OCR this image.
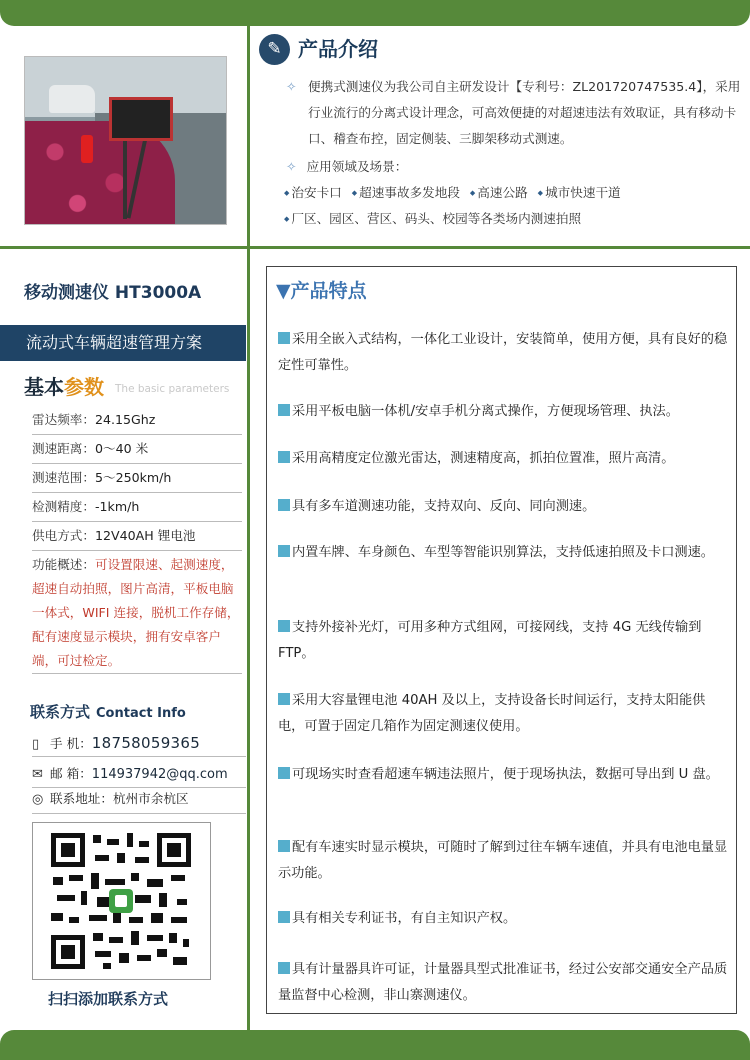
✎ 产品介绍
✧ 便携式测速仪为我公司自主研发设计【专利号：ZL201720747535.4】，采用行业流行的分离式设计理念，可高效便捷的对超速违法有效取证，具有移动卡口、稽查布控，固定侧装、三脚架移动式测速。
✧ 应用领域及场景：
◆ 治安卡口 ◆ 超速事故多发地段 ◆ 高速公路 ◆ 城市快速干道
◆ 厂区、园区、营区、码头、校园等各类场内测速拍照
移动测速仪 HT3000A
流动式车辆超速管理方案
基本参数 The basic parameters
雷达频率：24.15Ghz
测速距离：0～40 米
测速范围：5～250km/h
检测精度：-1km/h
供电方式：12V40AH 锂电池
功能概述：可设置限速、起测速度，超速自动拍照，图片高清，平板电脑一体式，WIFI 连接，脱机工作存储，配有速度显示模块，拥有安卓客户端，可过检定。
联系方式 Contact Info
▯ 手 机：18758059365
✉ 邮 箱：114937942@qq.com
◎ 联系地址：杭州市余杭区
扫扫添加联系方式
▼产品特点
采用全嵌入式结构，一体化工业设计，安装简单，使用方便，具有良好的稳定性可靠性。
采用平板电脑一体机/安卓手机分离式操作，方便现场管理、执法。
采用高精度定位激光雷达，测速精度高，抓拍位置准，照片高清。
具有多车道测速功能，支持双向、反向、同向测速。
内置车牌、车身颜色、车型等智能识别算法，支持低速拍照及卡口测速。
支持外接补光灯，可用多种方式组网，可接网线，支持 4G 无线传输到 FTP。
采用大容量锂电池 40AH 及以上，支持设备长时间运行，支持太阳能供电，可置于固定几箱作为固定测速仪使用。
可现场实时查看超速车辆违法照片，便于现场执法，数据可导出到 U 盘。
配有车速实时显示模块，可随时了解到过往车辆车速值，并具有电池电量显示功能。
具有相关专利证书，有自主知识产权。
具有计量器具许可证，计量器具型式批准证书，经过公安部交通安全产品质量监督中心检测，非山寨测速仪。
